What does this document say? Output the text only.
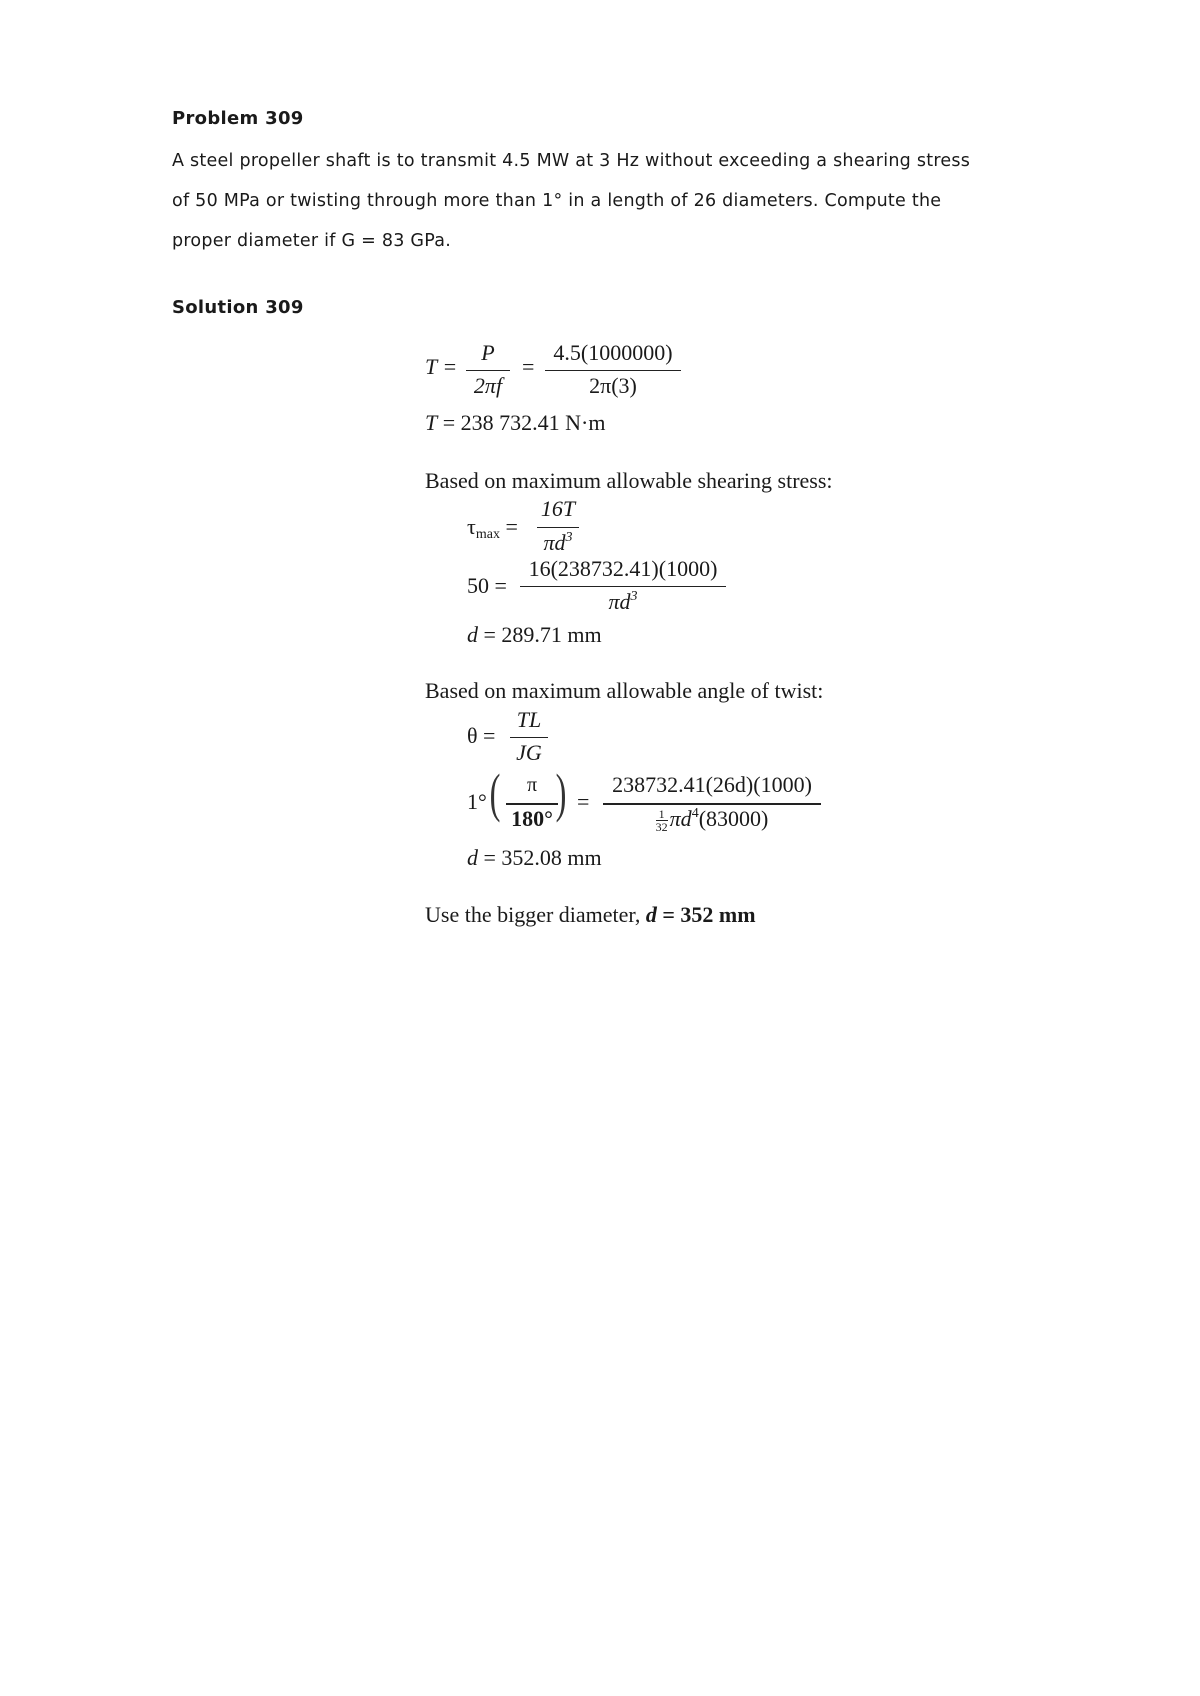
Problem 309
A steel propeller shaft is to transmit 4.5 MW at 3 Hz without exceeding a shearing stress
of 50 MPa or twisting through more than 1° in a length of 26 diameters. Compute the
proper diameter if G = 83 GPa.
Solution 309
T =
P
2πf
=
4.5(1000000)
2π(3)
T = 238 732.41 N·m
Based on maximum allowable shearing stress:
τmax =
16T
$\pi d^3$
50 =
16(238732.41)(1000)
$\pi d^3$
d = 289.71 mm
Based on maximum allowable angle of twist:
θ =
TL
JG
1° (	π
180° ) =
238732.41(26d)(1000)
$\frac{1}{32} \pi d^4(83000)$
d = 352.08 mm
Use the bigger diameter, d = 352 mm
